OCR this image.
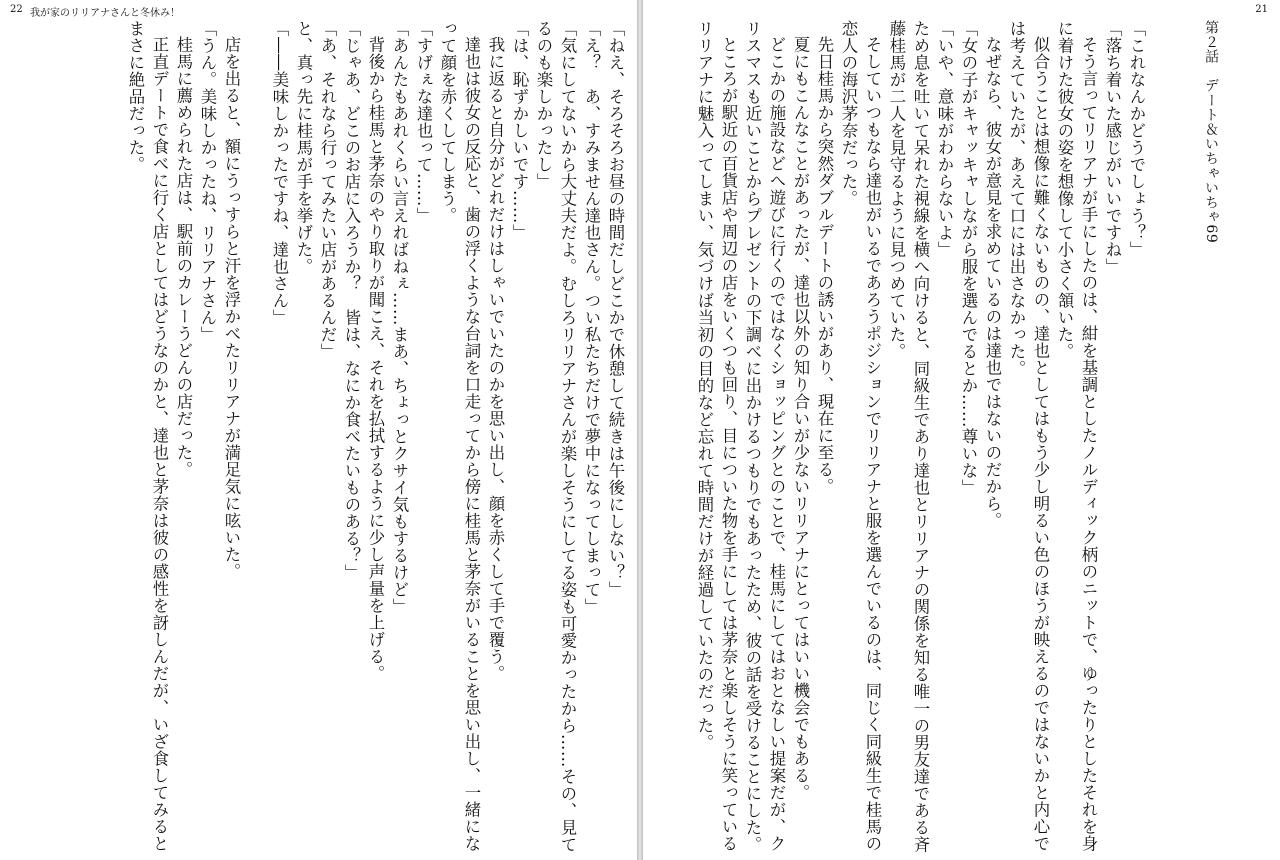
22 我が家のリリアナさんと冬休み！

「ねえ、そろそろお昼の時間だしどこかで休憩して続きは午後にしない？」

「え？　あ、すみません達也さん。つい私たちだけで夢中になってしまって」

「気にしてないから大丈夫だよ。むしろリリアナさんが楽しそうにしてる姿も可愛かったから……その、見てるのも楽しかったし」

「は、恥ずかしいです……」

我に返ると自分がどれだけはしゃいでいたのかを思い出し、顔を赤くして手で覆う。

達也は彼女の反応と、歯の浮くような台詞を口走ってから傍に桂馬と茅奈がいることを思い出し、一緒になって顔を赤くしてしまう。

「すげぇな達也って……」

「あんたもあれくらい言えればねぇ……まあ、ちょっとクサイ気もするけど」

背後から桂馬と茅奈のやり取りが聞こえ、それを払拭するように少し声量を上げる。

「じゃあ、どこのお店に入ろうか？　皆は、なにか食べたいものある？」

「あ、それなら行ってみたい店があるんだ」

と、真っ先に桂馬が手を挙げた。

「――美味しかったですね、達也さん」

店を出ると、額にうっすらと汗を浮かべたリリアナが満足気に呟いた。

「うん。美味しかったね、リリアナさん」

桂馬に薦められた店は、駅前のカレーうどんの店だった。

正直デートで食べに行く店としてはどうなのかと、達也と茅奈は彼の感性を訝しんだが、いざ食してみるとまさに絶品だった。

21

第２話　デート＆いちゃいちゃ69

「これなんかどうでしょう？」

「落ち着いた感じがいいですね」

そう言ってリリアナが手にしたのは、紺を基調としたノルディック柄のニットで、ゆったりとしたそれを身に着けた彼女の姿を想像して小さく頷いた。

似合うことは想像に難くないものの、達也としてはもう少し明るい色のほうが映えるのではないかと内心では考えていたが、あえて口には出さなかった。

なぜなら、彼女が意見を求めているのは達也ではないのだから。

「女の子がキャッキャしながら服を選んでるとか……尊いな」

「いや、意味がわからないよ」

ため息を吐いて呆れた視線を横へ向けると、同級生であり達也とリリアナの関係を知る唯一の男友達である斉藤桂馬が二人を見守るように見つめていた。

そしていつもなら達也がいるであろうポジションでリリアナと服を選んでいるのは、同じく同級生で桂馬の恋人の海沢茅奈だった。

先日桂馬から突然ダブルデートの誘いがあり、現在に至る。

夏にもこんなことがあったが、達也以外の知り合いが少ないリリアナにとってはいい機会でもある。

どこかの施設などへ遊びに行くのではなくショッピングとのことで、桂馬にしてはおとなしい提案だが、クリスマスも近いことからプレゼントの下調べに出かけるつもりでもあったため、彼の話を受けることにした。

ところが駅近の百貨店や周辺の店をいくつも回り、目についた物を手にしては茅奈と楽しそうに笑っているリリアナに魅入ってしまい、気づけば当初の目的など忘れて時間だけが経過していたのだった。
